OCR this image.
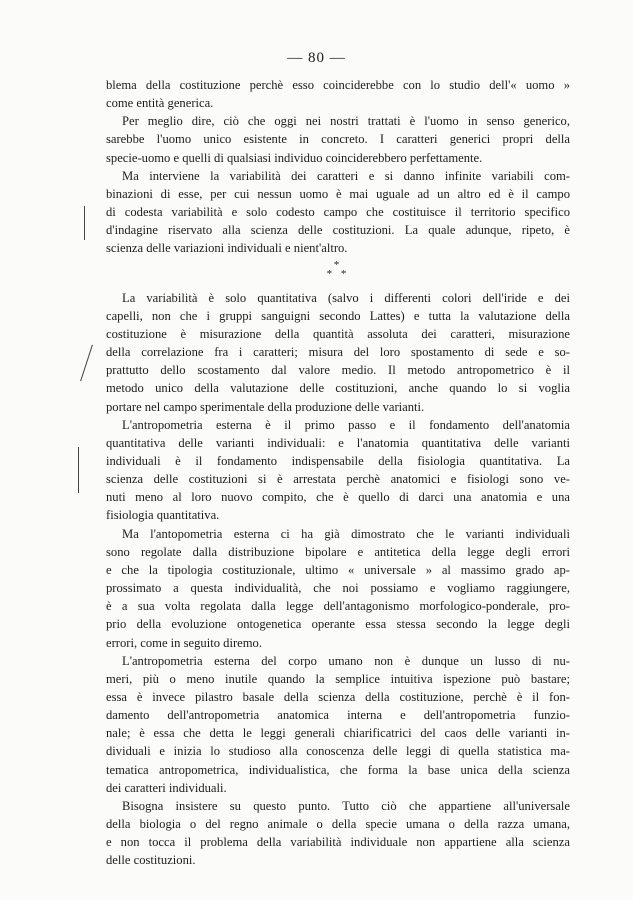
— 80 —
blema della costituzione perchè esso coinciderebbe con lo studio dell'« uomo »
come entità generica.
Per meglio dire, ciò che oggi nei nostri trattati è l'uomo in senso generico,
sarebbe l'uomo unico esistente in concreto. I caratteri generici propri della
specie-uomo e quelli di qualsiasi individuo coinciderebbero perfettamente.
Ma interviene la variabilità dei caratteri e si danno infinite variabili com-
binazioni di esse, per cui nessun uomo è mai uguale ad un altro ed è il campo
di codesta variabilità e solo codesto campo che costituisce il territorio specifico
d'indagine riservato alla scienza delle costituzioni. La quale adunque, ripeto, è
scienza delle variazioni individuali e nient'altro.
*
* *
La variabilità è solo quantitativa (salvo i differenti colori dell'iride e dei
capelli, non che i gruppi sanguigni secondo Lattes) e tutta la valutazione della
costituzione è misurazione della quantità assoluta dei caratteri, misurazione
della correlazione fra i caratteri; misura del loro spostamento di sede e so-
prattutto dello scostamento dal valore medio. Il metodo antropometrico è il
metodo unico della valutazione delle costituzioni, anche quando lo si voglia
portare nel campo sperimentale della produzione delle varianti.
L'antropometria esterna è il primo passo e il fondamento dell'anatomia
quantitativa delle varianti individuali: e l'anatomia quantitativa delle varianti
individuali è il fondamento indispensabile della fisiologia quantitativa. La
scienza delle costituzioni si è arrestata perchè anatomici e fisiologi sono ve-
nuti meno al loro nuovo compito, che è quello di darci una anatomia e una
fisiologia quantitativa.
Ma l'antopometria esterna ci ha già dimostrato che le varianti individuali
sono regolate dalla distribuzione bipolare e antitetica della legge degli errori
e che la tipologia costituzionale, ultimo « universale » al massimo grado ap-
prossimato a questa individualità, che noi possiamo e vogliamo raggiungere,
è a sua volta regolata dalla legge dell'antagonismo morfologico-ponderale, pro-
prio della evoluzione ontogenetica operante essa stessa secondo la legge degli
errori, come in seguito diremo.
L'antropometria esterna del corpo umano non è dunque un lusso di nu-
meri, più o meno inutile quando la semplice intuitiva ispezione può bastare;
essa è invece pilastro basale della scienza della costituzione, perchè è il fon-
damento dell'antropometria anatomica interna e dell'antropometria funzio-
nale; è essa che detta le leggi generali chiarificatrici del caos delle varianti in-
dividuali e inizia lo studioso alla conoscenza delle leggi di quella statistica ma-
tematica antropometrica, individualistica, che forma la base unica della scienza
dei caratteri individuali.
Bisogna insistere su questo punto. Tutto ciò che appartiene all'universale
della biologia o del regno animale o della specie umana o della razza umana,
e non tocca il problema della variabilità individuale non appartiene alla scienza
delle costituzioni.
